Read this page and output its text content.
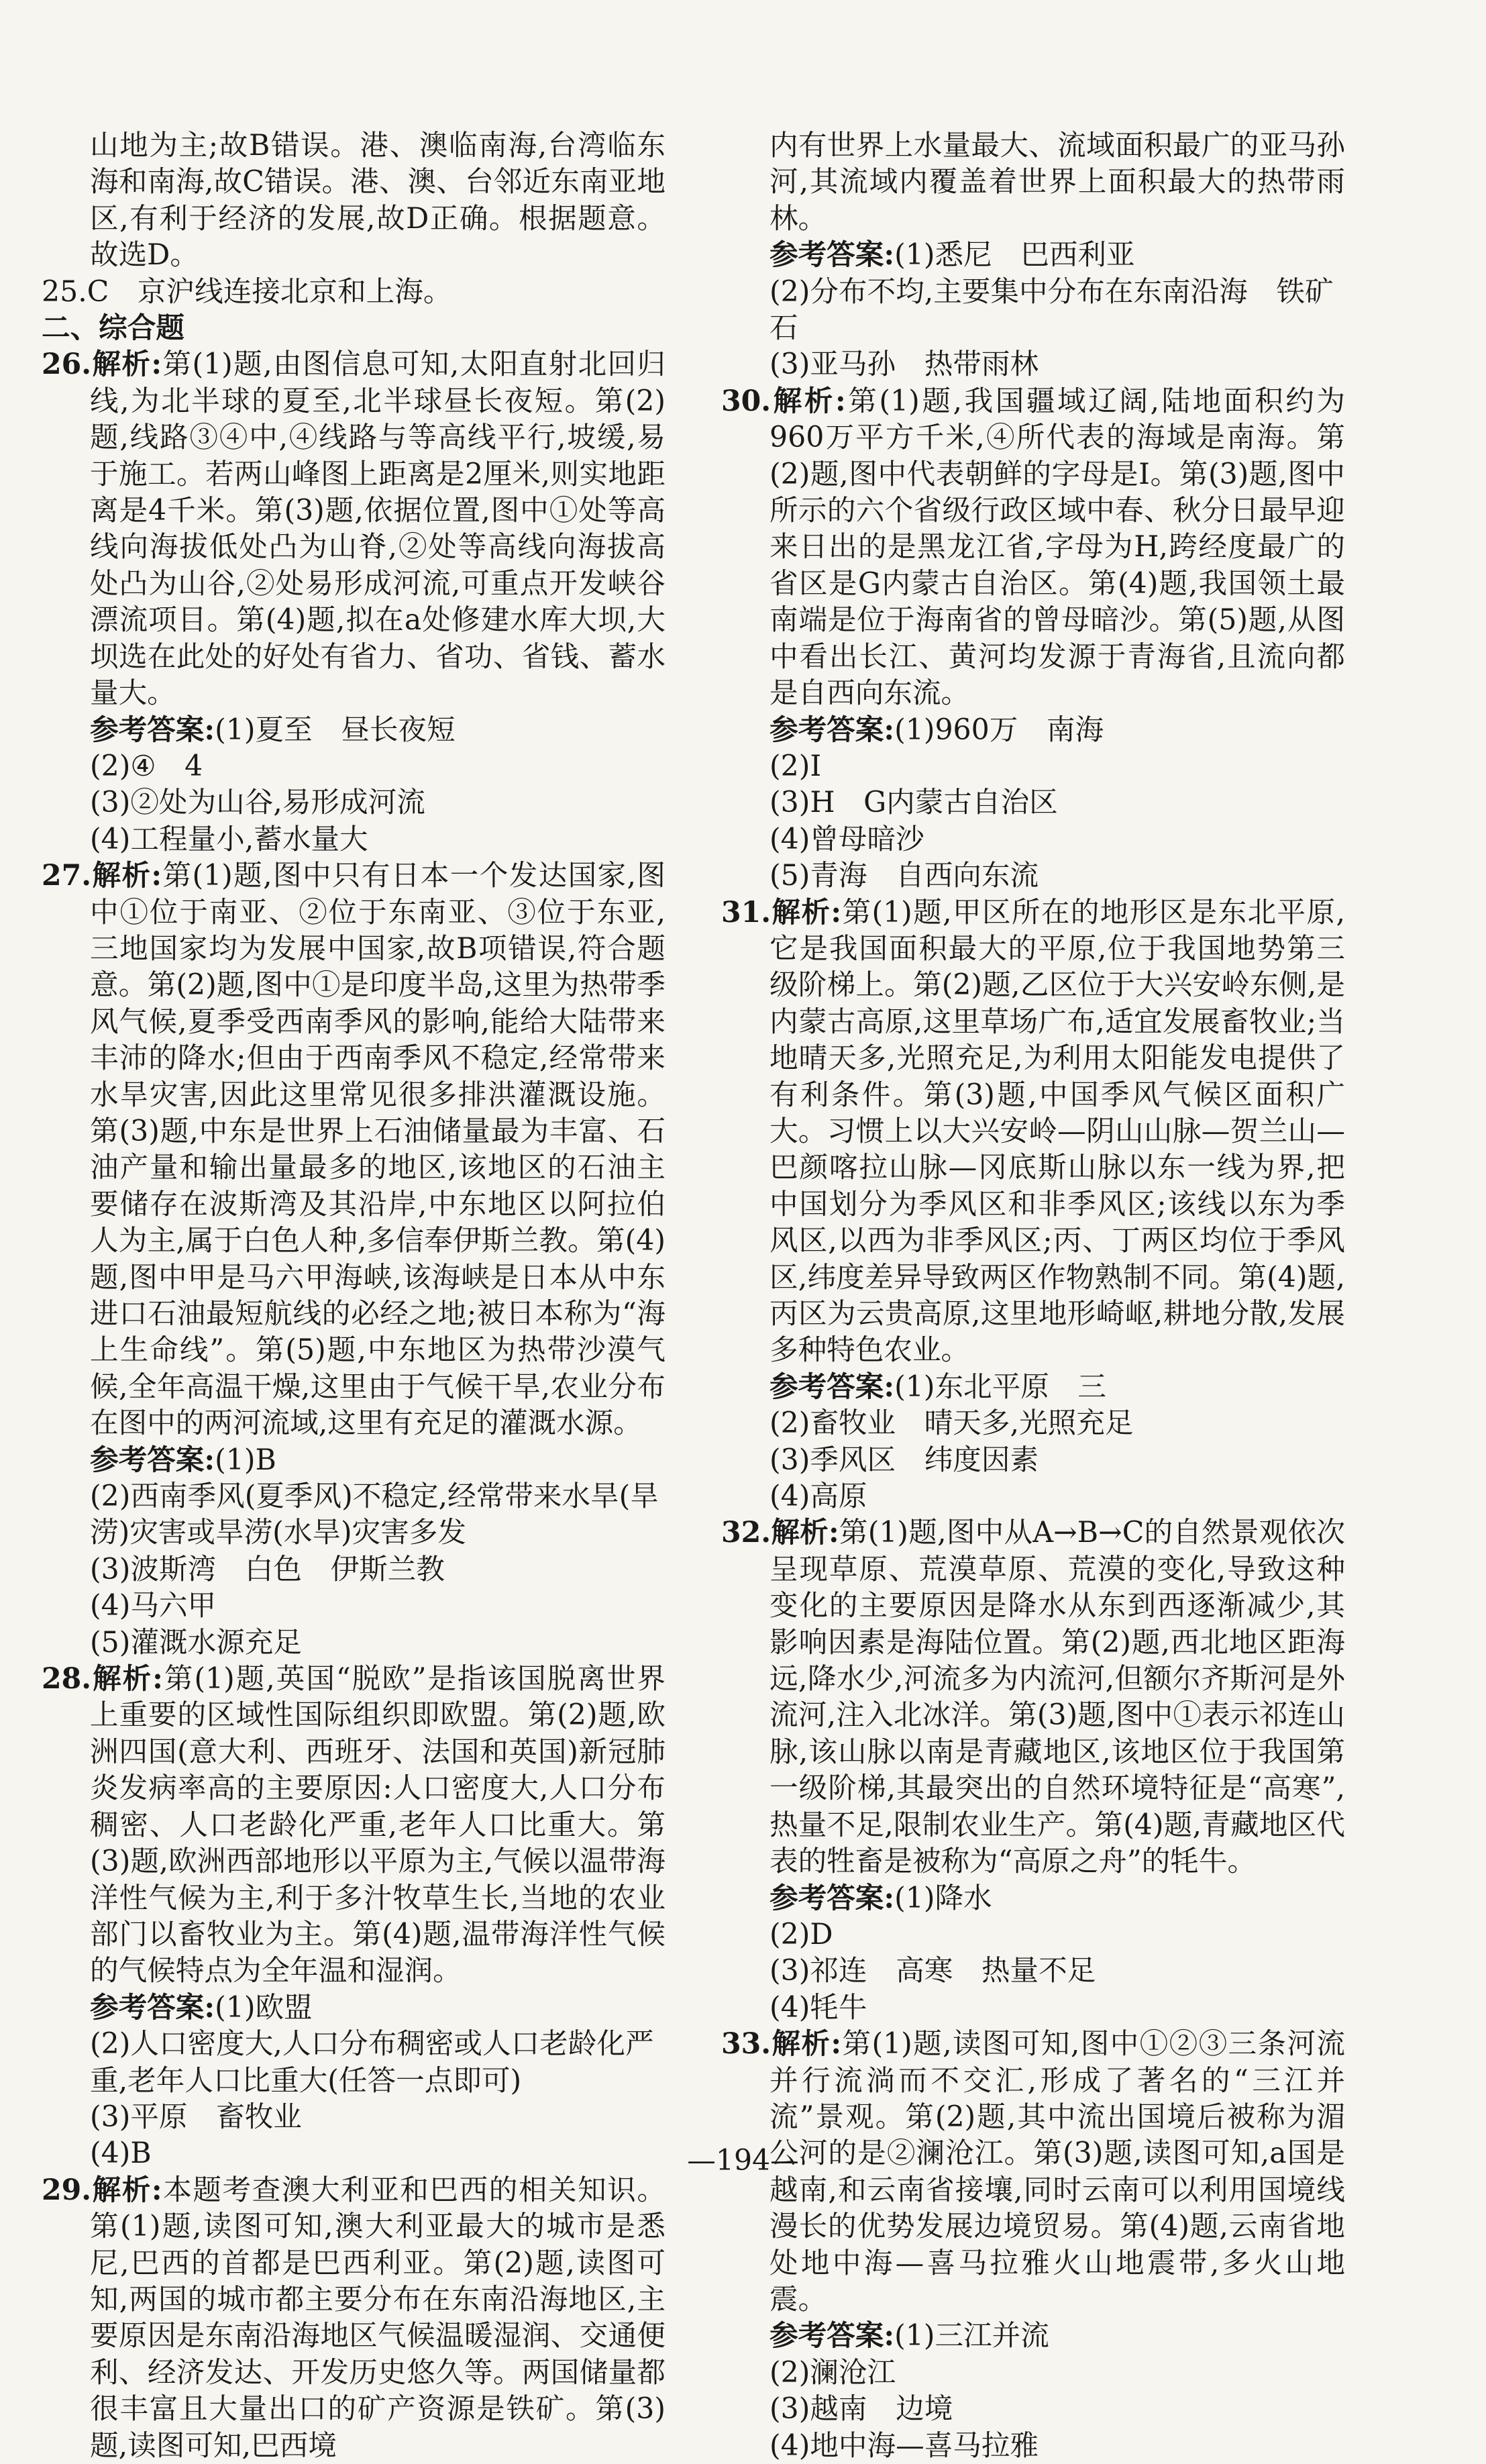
山地为主;故B错误。港、澳临南海,台湾临东海和南海,故C错误。港、澳、台邻近东南亚地区,有利于经济的发展,故D正确。根据题意。故选D。

25.C　京沪线连接北京和上海。

二、综合题

26.解析:第(1)题,由图信息可知,太阳直射北回归线,为北半球的夏至,北半球昼长夜短。第(2)题,线路③④中,④线路与等高线平行,坡缓,易于施工。若两山峰图上距离是2厘米,则实地距离是4千米。第(3)题,依据位置,图中①处等高线向海拔低处凸为山脊,②处等高线向海拔高处凸为山谷,②处易形成河流,可重点开发峡谷漂流项目。第(4)题,拟在a处修建水库大坝,大坝选在此处的好处有省力、省功、省钱、蓄水量大。

参考答案:(1)夏至　昼长夜短

(2)④　4

(3)②处为山谷,易形成河流

(4)工程量小,蓄水量大

27.解析:第(1)题,图中只有日本一个发达国家,图中①位于南亚、②位于东南亚、③位于东亚,三地国家均为发展中国家,故B项错误,符合题意。第(2)题,图中①是印度半岛,这里为热带季风气候,夏季受西南季风的影响,能给大陆带来丰沛的降水;但由于西南季风不稳定,经常带来水旱灾害,因此这里常见很多排洪灌溉设施。第(3)题,中东是世界上石油储量最为丰富、石油产量和输出量最多的地区,该地区的石油主要储存在波斯湾及其沿岸,中东地区以阿拉伯人为主,属于白色人种,多信奉伊斯兰教。第(4)题,图中甲是马六甲海峡,该海峡是日本从中东进口石油最短航线的必经之地;被日本称为“海上生命线”。第(5)题,中东地区为热带沙漠气候,全年高温干燥,这里由于气候干旱,农业分布在图中的两河流域,这里有充足的灌溉水源。

参考答案:(1)B

(2)西南季风(夏季风)不稳定,经常带来水旱(旱涝)灾害或旱涝(水旱)灾害多发

(3)波斯湾　白色　伊斯兰教

(4)马六甲

(5)灌溉水源充足

28.解析:第(1)题,英国“脱欧”是指该国脱离世界上重要的区域性国际组织即欧盟。第(2)题,欧洲四国(意大利、西班牙、法国和英国)新冠肺炎发病率高的主要原因:人口密度大,人口分布稠密、人口老龄化严重,老年人口比重大。第(3)题,欧洲西部地形以平原为主,气候以温带海洋性气候为主,利于多汁牧草生长,当地的农业部门以畜牧业为主。第(4)题,温带海洋性气候的气候特点为全年温和湿润。

参考答案:(1)欧盟

(2)人口密度大,人口分布稠密或人口老龄化严重,老年人口比重大(任答一点即可)

(3)平原　畜牧业

(4)B

29.解析:本题考查澳大利亚和巴西的相关知识。第(1)题,读图可知,澳大利亚最大的城市是悉尼,巴西的首都是巴西利亚。第(2)题,读图可知,两国的城市都主要分布在东南沿海地区,主要原因是东南沿海地区气候温暖湿润、交通便利、经济发达、开发历史悠久等。两国储量都很丰富且大量出口的矿产资源是铁矿。第(3)题,读图可知,巴西境

内有世界上水量最大、流域面积最广的亚马孙河,其流域内覆盖着世界上面积最大的热带雨林。

参考答案:(1)悉尼　巴西利亚

(2)分布不均,主要集中分布在东南沿海　铁矿石

(3)亚马孙　热带雨林

30.解析:第(1)题,我国疆域辽阔,陆地面积约为960万平方千米,④所代表的海域是南海。第(2)题,图中代表朝鲜的字母是I。第(3)题,图中所示的六个省级行政区域中春、秋分日最早迎来日出的是黑龙江省,字母为H,跨经度最广的省区是G内蒙古自治区。第(4)题,我国领土最南端是位于海南省的曾母暗沙。第(5)题,从图中看出长江、黄河均发源于青海省,且流向都是自西向东流。

参考答案:(1)960万　南海

(2)I

(3)H　G内蒙古自治区

(4)曾母暗沙

(5)青海　自西向东流

31.解析:第(1)题,甲区所在的地形区是东北平原,它是我国面积最大的平原,位于我国地势第三级阶梯上。第(2)题,乙区位于大兴安岭东侧,是内蒙古高原,这里草场广布,适宜发展畜牧业;当地晴天多,光照充足,为利用太阳能发电提供了有利条件。第(3)题,中国季风气候区面积广大。习惯上以大兴安岭—阴山山脉—贺兰山—巴颜喀拉山脉—冈底斯山脉以东一线为界,把中国划分为季风区和非季风区;该线以东为季风区,以西为非季风区;丙、丁两区均位于季风区,纬度差异导致两区作物熟制不同。第(4)题,丙区为云贵高原,这里地形崎岖,耕地分散,发展多种特色农业。

参考答案:(1)东北平原　三

(2)畜牧业　晴天多,光照充足

(3)季风区　纬度因素

(4)高原

32.解析:第(1)题,图中从A→B→C的自然景观依次呈现草原、荒漠草原、荒漠的变化,导致这种变化的主要原因是降水从东到西逐渐减少,其影响因素是海陆位置。第(2)题,西北地区距海远,降水少,河流多为内流河,但额尔齐斯河是外流河,注入北冰洋。第(3)题,图中①表示祁连山脉,该山脉以南是青藏地区,该地区位于我国第一级阶梯,其最突出的自然环境特征是“高寒”,热量不足,限制农业生产。第(4)题,青藏地区代表的牲畜是被称为“高原之舟”的牦牛。

参考答案:(1)降水

(2)D

(3)祁连　高寒　热量不足

(4)牦牛

33.解析:第(1)题,读图可知,图中①②③三条河流并行流淌而不交汇,形成了著名的“三江并流”景观。第(2)题,其中流出国境后被称为湄公河的是②澜沧江。第(3)题,读图可知,a国是越南,和云南省接壤,同时云南可以利用国境线漫长的优势发展边境贸易。第(4)题,云南省地处地中海—喜马拉雅火山地震带,多火山地震。

参考答案:(1)三江并流

(2)澜沧江

(3)越南　边境

(4)地中海—喜马拉雅

—194—
